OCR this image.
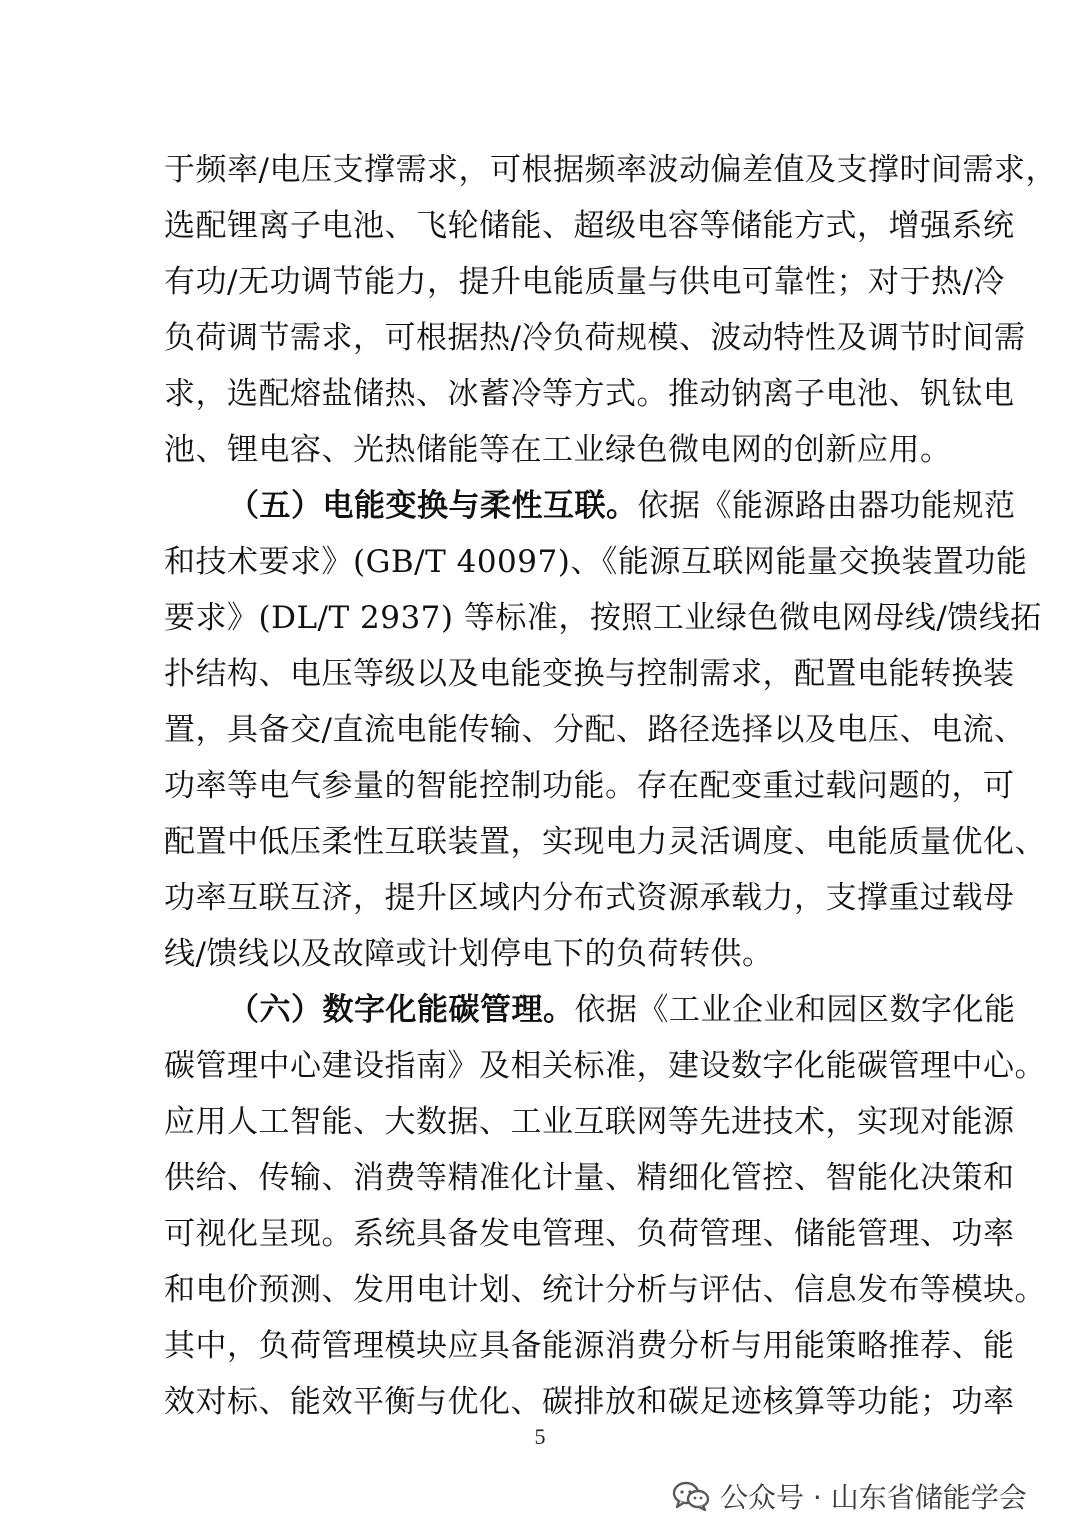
于频率/电压支撑需求，可根据频率波动偏差值及支撑时间需求，
选配锂离子电池、飞轮储能、超级电容等储能方式，增强系统
有功/无功调节能力，提升电能质量与供电可靠性；对于热/冷
负荷调节需求，可根据热/冷负荷规模、波动特性及调节时间需
求，选配熔盐储热、冰蓄冷等方式。推动钠离子电池、钒钛电
池、锂电容、光热储能等在工业绿色微电网的创新应用。
（五）电能变换与柔性互联。依据《能源路由器功能规范
和技术要求》(GB/T 40097)、《能源互联网能量交换装置功能
要求》(DL/T 2937) 等标准，按照工业绿色微电网母线/馈线拓
扑结构、电压等级以及电能变换与控制需求，配置电能转换装
置，具备交/直流电能传输、分配、路径选择以及电压、电流、
功率等电气参量的智能控制功能。存在配变重过载问题的，可
配置中低压柔性互联装置，实现电力灵活调度、电能质量优化、
功率互联互济，提升区域内分布式资源承载力，支撑重过载母
线/馈线以及故障或计划停电下的负荷转供。
（六）数字化能碳管理。依据《工业企业和园区数字化能
碳管理中心建设指南》及相关标准，建设数字化能碳管理中心。
应用人工智能、大数据、工业互联网等先进技术，实现对能源
供给、传输、消费等精准化计量、精细化管控、智能化决策和
可视化呈现。系统具备发电管理、负荷管理、储能管理、功率
和电价预测、发用电计划、统计分析与评估、信息发布等模块。
其中，负荷管理模块应具备能源消费分析与用能策略推荐、能
效对标、能效平衡与优化、碳排放和碳足迹核算等功能；功率
5
公众号 · 山东省储能学会
